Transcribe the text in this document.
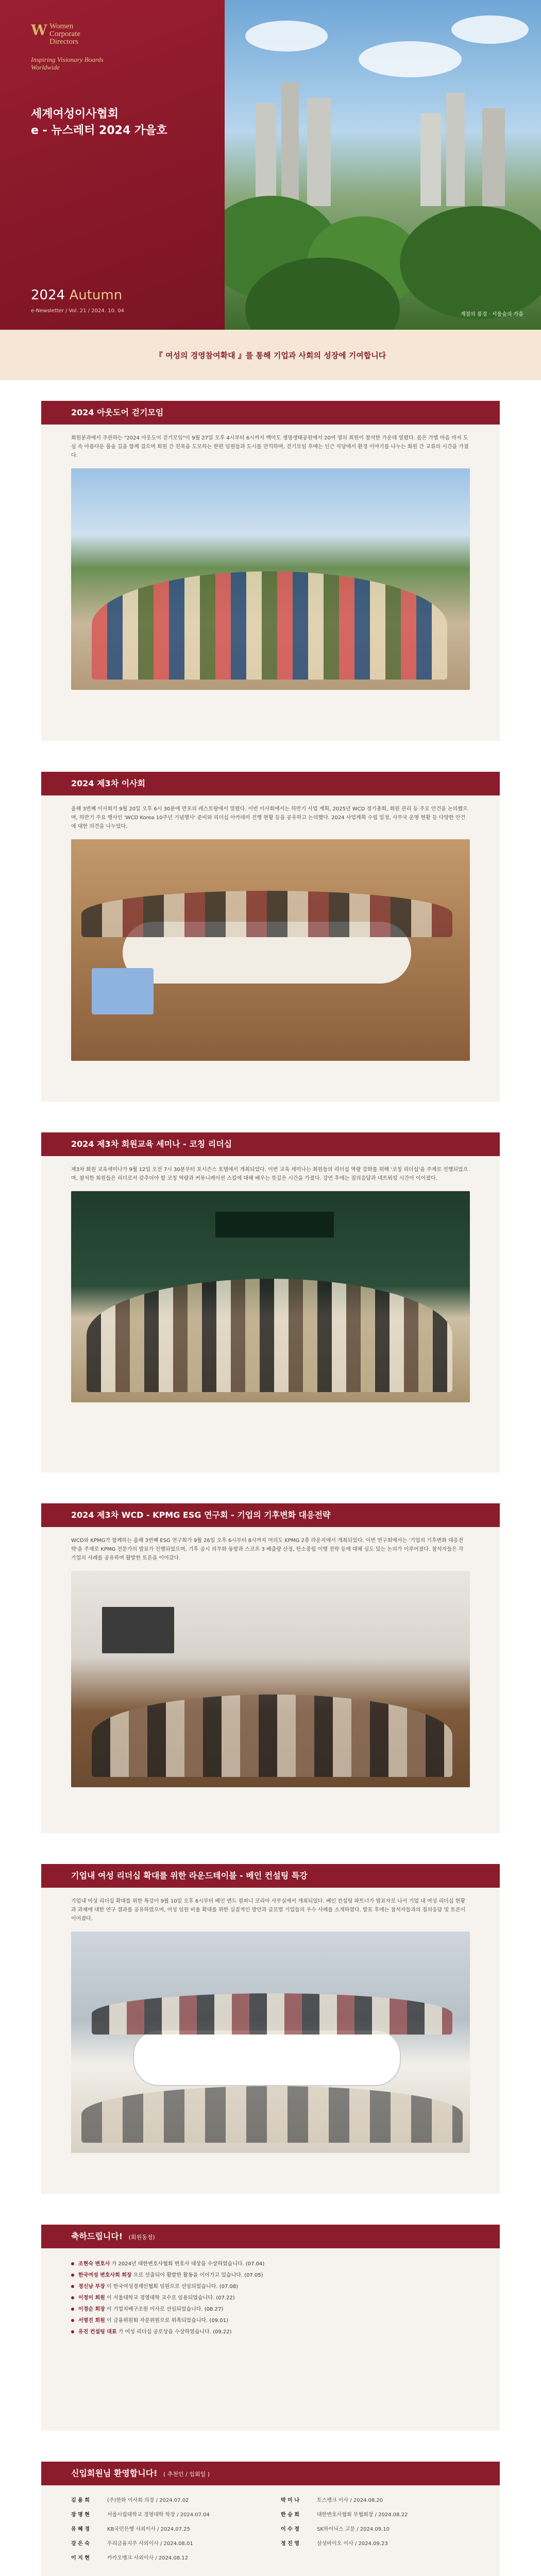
W Women
Corporate
Directors
Inspiring Visionary Boards
Worldwide
세계여성이사협회
e - 뉴스레터 2024 가을호
2024 Autumn
e-Newsletter / Vol. 21 / 2024. 10. 04
계절의 풍경 · 서울숲의 가을
『 여성의 경영참여확대 』를 통해 기업과 사회의 성장에 기여합니다
2024 아웃도어 걷기모임
회원분과에서 주관하는 "2024 아웃도어 걷기모임"이 9월 27일 오후 4시부터 6시까지 백미도 생명생태공원에서 20여 명의 회원이 참석한 가운데 열렸다. 몸은 가볍 마음 마저 도심 속 아름다운 풀숲 길을 함께 걸으며 회원 간 친목을 도모하는 한편 임원들과 도시를 만끽하며, 걷기모임 후에는 인근 식당에서 환경 이야기를 나누는 회원 간 교류의 시간을 가졌다.
2024 제3차 이사회
올해 3번째 이사회가 9월 20일 오후 6시 30분에 반포의 레스토랑에서 열렸다. 이번 이사회에서는 하반기 사업 계획, 2025년 WCD 정기총회, 회원 관리 등 주요 안건을 논의했으며, 하반기 주요 행사인 'WCD Korea 10주년 기념행사' 준비와 리더십 아카데미 진행 현황 등을 공유하고 논의했다. 2024 사업계획 수립 일정, 사무국 운영 현황 등 다양한 안건에 대한 의견을 나누었다.
2024 제3차 회원교육 세미나 - 코칭 리더십
제3차 회원 교육세미나가 9월 12일 오전 7시 30분부터 포시즌스 호텔에서 개최되었다. 이번 교육 세미나는 회원들의 리더십 역량 강화를 위해 '코칭 리더십'을 주제로 진행되었으며, 참석한 회원들은 리더로서 갖추어야 할 코칭 역량과 커뮤니케이션 스킬에 대해 배우는 뜻깊은 시간을 가졌다. 강연 후에는 질의응답과 네트워킹 시간이 이어졌다.
2024 제3차 WCD - KPMG ESG 연구회 - 기업의 기후변화 대응전략
WCD와 KPMG가 함께하는 올해 3번째 ESG 연구회가 9월 26일 오후 6시부터 8시까지 여의도 KPMG 2층 라운지에서 개최되었다. 이번 연구회에서는 '기업의 기후변화 대응전략'을 주제로 KPMG 전문가의 발표가 진행되었으며, 기후 공시 의무화 동향과 스코프 3 배출량 산정, 탄소중립 이행 전략 등에 대해 심도 있는 논의가 이루어졌다. 참석자들은 각 기업의 사례를 공유하며 활발한 토론을 이어갔다.
기업내 여성 리더십 확대를 위한 라운드테이블 - 베인 컨설팅 특강
기업내 여성 리더십 확대를 위한 특강이 9월 10일 오후 6시부터 베인 앤드 컴퍼니 코리아 사무실에서 개최되었다. 베인 컨설팅 파트너가 발표자로 나서 기업 내 여성 리더십 현황과 과제에 대한 연구 결과를 공유하였으며, 여성 임원 비율 확대를 위한 실질적인 방안과 글로벌 기업들의 우수 사례를 소개하였다. 발표 후에는 참석자들과의 질의응답 및 토론이 이어졌다.
축하드립니다! (회원동정)
조현숙 변호사 가 2024년 대한변호사협회 변호사 대상을 수상하였습니다. (07.04)
한국여성 변호사회 회장 으로 선출되어 활발한 활동을 이어가고 있습니다. (07.05)
정신남 부장 이 한국여성경제인협회 임원으로 선임되었습니다. (07.08)
이정미 회원 이 서울대학교 경영대학 교수로 임용되었습니다. (07.22)
이경순 회장 이 기업지배구조원 이사로 선임되었습니다. (08.27)
서명진 회원 이 금융위원회 자문위원으로 위촉되었습니다. (09.01)
유진 컨설팅 대표 가 여성 리더십 공로상을 수상하였습니다. (09.22)
신입회원님 환영합니다! ( 추천인 / 입회일 )
김 용 희	(주)한화 이사회 의장 / 2024.07.02	박 미 나	토스뱅크 이사 / 2024.08.20
장 명 현	서울시립대학교 경영대학 학장 / 2024.07.04	한 승 희	대한변호사협회 부협회장 / 2024.08.22
유 혜 경	KB국민은행 사외이사 / 2024.07.25	이 수 정	SK하이닉스 고문 / 2024.09.10
강 은 숙	우리금융지주 사외이사 / 2024.08.01	정 진 영	삼성바이오 이사 / 2024.09.23
이 지 현	카카오뱅크 사외이사 / 2024.08.12
